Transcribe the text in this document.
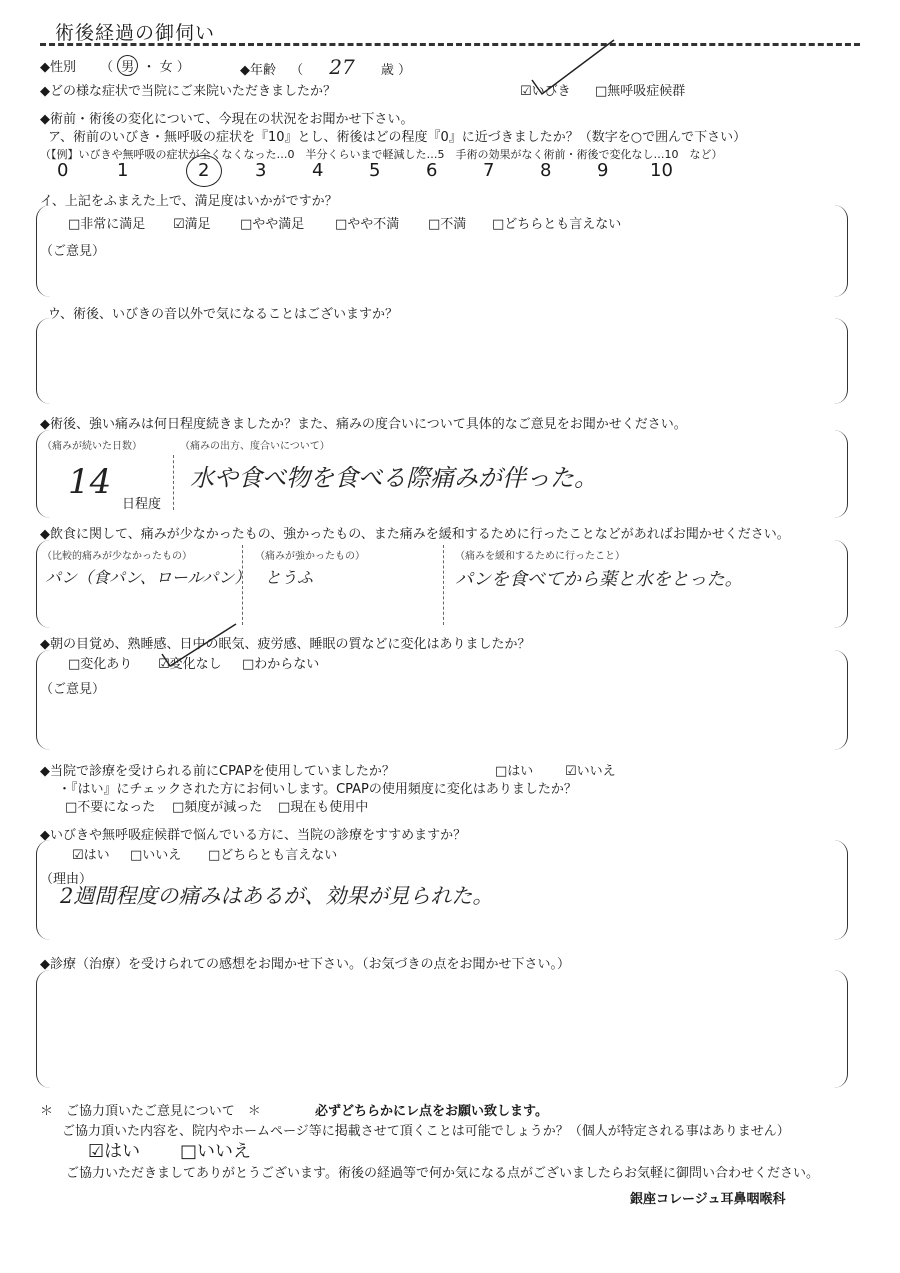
術後経過の御伺い
◆性別 （ 男 ・ 女 ）	◆年齢 （ 27 歳 ）
◆どの様な症状で当院にご来院いただきましたか？	☑いびき □無呼吸症候群
◆術前・術後の変化について、今現在の状況をお聞かせ下さい。
ア、術前のいびき・無呼吸の症状を『10』とし、術後はどの程度『0』に近づきましたか？（数字を○で囲んで下さい）
（【例】いびきや無呼吸の症状が全くなくなった…0　半分くらいまで軽減した…5　手術の効果がなく術前・術後で変化なし…10　など）
0	1	2	3	4	5	6	7	8	9 10
イ、上記をふまえた上で、満足度はいかがですか？
□非常に満足 ☑満足 □やや満足 □やや不満 □不満 □どちらとも言えない
（ご意見）
ウ、術後、いびきの音以外で気になることはございますか？
◆術後、強い痛みは何日程度続きましたか？また、痛みの度合いについて具体的なご意見をお聞かせください。
（痛みが続いた日数）
14
日程度
（痛みの出方、度合いについて）
水や食べ物を食べる際痛みが伴った。
◆飲食に関して、痛みが少なかったもの、強かったもの、また痛みを緩和するために行ったことなどがあればお聞かせください。
（比較的痛みが少なかったもの）
パン（食パン、ロールパン）
（痛みが強かったもの）
とうふ
（痛みを緩和するために行ったこと）
パンを食べてから薬と水をとった。
◆朝の目覚め、熟睡感、日中の眠気、疲労感、睡眠の質などに変化はありましたか？
□変化あり ☑変化なし □わからない
（ご意見）
◆当院で診療を受けられる前にCPAPを使用していましたか？	□はい ☑いいえ
・『はい』にチェックされた方にお伺いします。CPAPの使用頻度に変化はありましたか？
□不要になった □頻度が減った □現在も使用中
◆いびきや無呼吸症候群で悩んでいる方に、当院の診療をすすめますか？
☑はい □いいえ □どちらとも言えない
（理由）
2週間程度の痛みはあるが、効果が見られた。
◆診療（治療）を受けられての感想をお聞かせ下さい。（お気づきの点をお聞かせ下さい。）
＊　ご協力頂いたご意見について　＊	必ずどちらかにレ点をお願い致します。
ご協力頂いた内容を、院内やホームページ等に掲載させて頂くことは可能でしょうか？（個人が特定される事はありません）
☑はい □いいえ
ご協力いただきましてありがとうございます。術後の経過等で何か気になる点がございましたらお気軽に御問い合わせください。
銀座コレージュ耳鼻咽喉科
